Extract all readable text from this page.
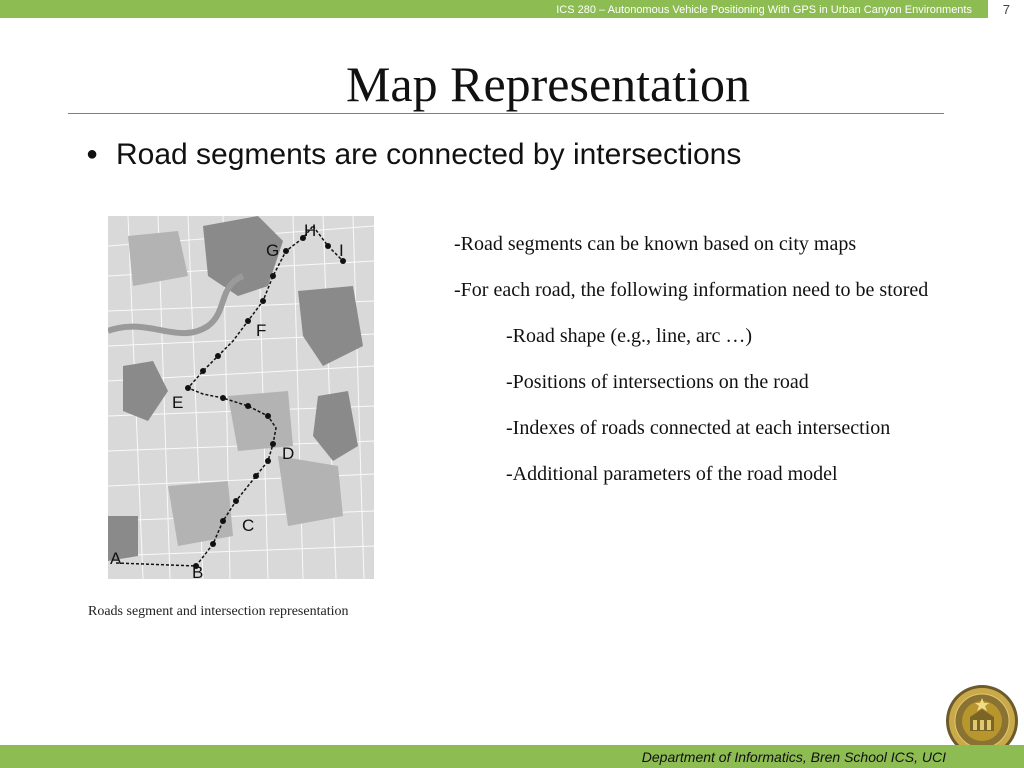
ICS 280 – Autonomous Vehicle Positioning With GPS in Urban Canyon Environments 7
Map Representation
● Road segments are connected by intersections
A
B
C
D
E
F
G
H
I
Roads segment and intersection representation

-Road segments can be known based on city maps

-For each road, the following information need to be stored

-Road shape (e.g., line, arc …)

-Positions of intersections on the road

-Indexes of roads connected at each intersection

-Additional parameters of the road model

Department of Informatics, Bren School ICS, UCI
